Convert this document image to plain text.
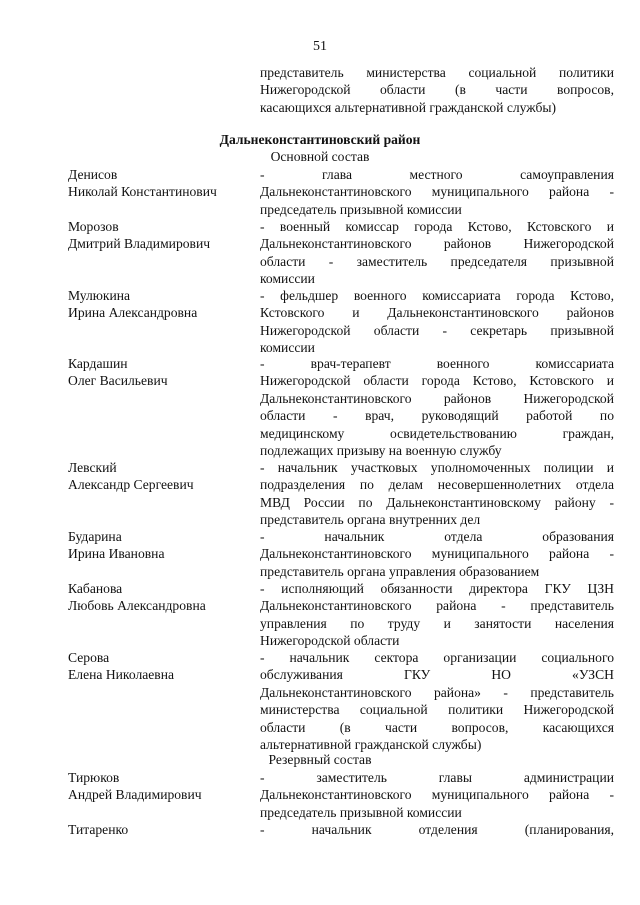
51
представитель министерства социальной политики
Нижегородской области (в части вопросов,
касающихся альтернативной гражданской службы)
Дальнеконстантиновский район
Основной состав
Денисов
Николай Константинович
- глава местного самоуправления
Дальнеконстантиновского муниципального района -
председатель призывной комиссии
Морозов
Дмитрий Владимирович
- военный комиссар города Кстово, Кстовского и
Дальнеконстантиновского районов Нижегородской
области - заместитель председателя призывной
комиссии
Мулюкина
Ирина Александровна
- фельдшер военного комиссариата города Кстово,
Кстовского и Дальнеконстантиновского районов
Нижегородской области - секретарь призывной
комиссии
Кардашин
Олег Васильевич
- врач-терапевт военного комиссариата
Нижегородской области города Кстово, Кстовского и
Дальнеконстантиновского районов Нижегородской
области - врач, руководящий работой по
медицинскому освидетельствованию граждан,
подлежащих призыву на военную службу
Левский
Александр Сергеевич
- начальник участковых уполномоченных полиции и
подразделения по делам несовершеннолетних отдела
МВД России по Дальнеконстантиновскому району -
представитель органа внутренних дел
Бударина
Ирина Ивановна
- начальник отдела образования
Дальнеконстантиновского муниципального района -
представитель органа управления образованием
Кабанова
Любовь Александровна
- исполняющий обязанности директора ГКУ ЦЗН
Дальнеконстантиновского района - представитель
управления по труду и занятости населения
Нижегородской области
Серова
Елена Николаевна
- начальник сектора организации социального
обслуживания ГКУ НО «УЗСН
Дальнеконстантиновского района» - представитель
министерства социальной политики Нижегородской
области (в части вопросов, касающихся
альтернативной гражданской службы)
Тирюков
Андрей Владимирович
- заместитель главы администрации
Дальнеконстантиновского муниципального района -
председатель призывной комиссии
Титаренко	- начальник отделения (планирования,
Резервный состав
